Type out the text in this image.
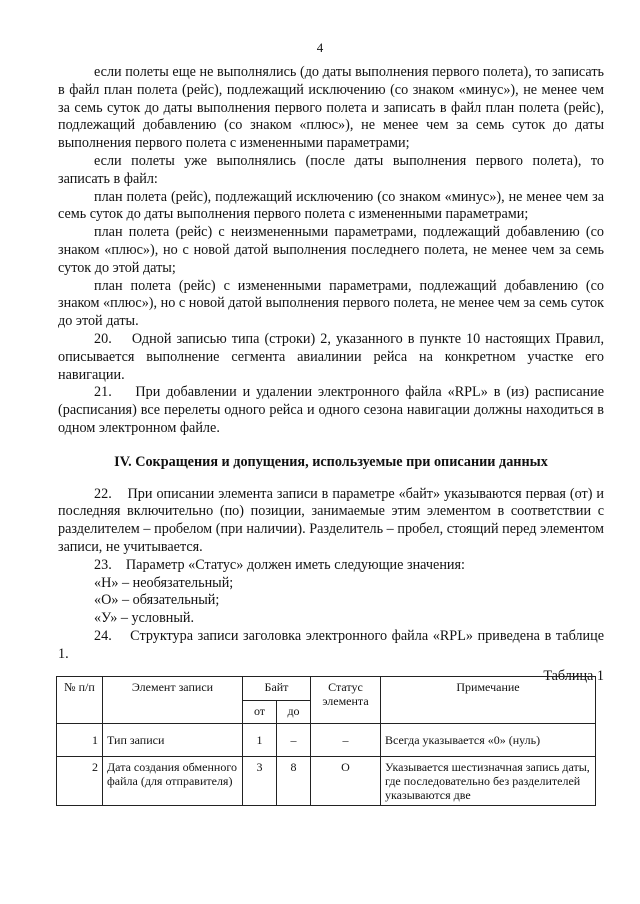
4

если полеты еще не выполнялись (до даты выполнения первого полета), то записать в файл план полета (рейс), подлежащий исключению (со знаком «минус»), не менее чем за семь суток до даты выполнения первого полета и записать в файл план полета (рейс), подлежащий добавлению (со знаком «плюс»), не менее чем за семь суток до даты выполнения первого полета с измененными параметрами;

если полеты уже выполнялись (после даты выполнения первого полета), то записать в файл:

план полета (рейс), подлежащий исключению (со знаком «минус»), не менее чем за семь суток до даты выполнения первого полета с измененными параметрами;

план полета (рейс) с неизмененными параметрами, подлежащий добавлению (со знаком «плюс»), но с новой датой выполнения последнего полета, не менее чем за семь суток до этой даты;

план полета (рейс) с измененными параметрами, подлежащий добавлению (со знаком «плюс»), но с новой датой выполнения первого полета, не менее чем за семь суток до этой даты.

20.    Одной записью типа (строки) 2, указанного в пункте 10 настоящих Правил, описывается выполнение сегмента авиалинии рейса на конкретном участке его навигации.

21.    При добавлении и удалении электронного файла «RPL» в (из) расписание (расписания) все перелеты одного рейса и одного сезона навигации должны находиться в одном электронном файле.

IV. Сокращения и допущения, используемые при описании данных

22.    При описании элемента записи в параметре «байт» указываются первая (от) и последняя включительно (по) позиции, занимаемые этим элементом в соответствии с разделителем – пробелом (при наличии). Разделитель – пробел, стоящий перед элементом записи, не учитывается.

23.    Параметр «Статус» должен иметь следующие значения:

«Н» – необязательный;

«О» – обязательный;

«У» – условный.

24.    Структура записи заголовка электронного файла «RPL» приведена в таблице 1.

Таблица 1
№ п/п	Элемент записи	Байт		Статус элемента	Примечание
		от	до		
1	Тип записи	1	–	–	Всегда указывается «0» (нуль)
2	Дата создания обменного файла (для отправителя)	3	8	О	Указывается шестизначная запись даты, где последовательно без разделителей указываются две
